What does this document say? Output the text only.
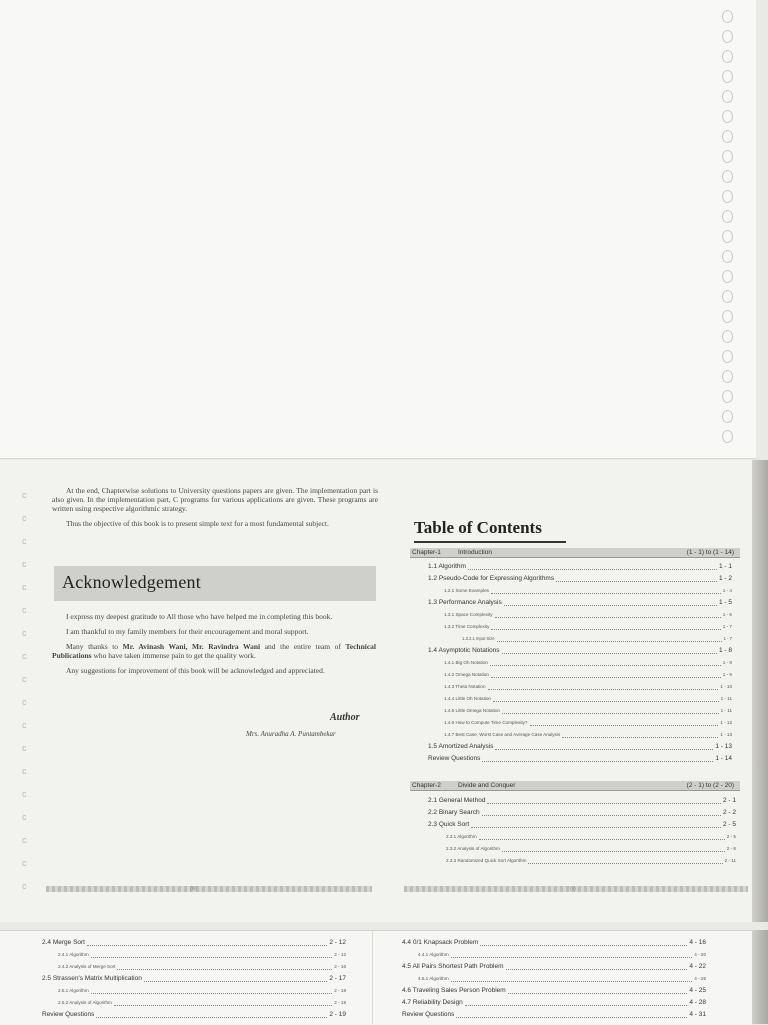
c
c
c
c
c
c
c
c
c
c
c
c
c
c
c
c
c
c

At the end, Chapterwise solutions to University questions papers are given. The implementation part is also given. In the implementation part, C programs for various applications are given. These programs are written using respective algorithmic strategy.

Thus the objective of this book is to present simple text for a most fundamental subject.

Acknowledgement

I express my deepest gratitude to All those who have helped me in completing this book.

I am thankful to my family members for their encouragement and moral support.

Many thanks to Mr. Avinash Wani, Mr. Ravindra Wani and the entire team of Technical Publications who have taken immense pain to get the quality work.

Any suggestions for improvement of this book will be acknowledged and appreciated.

Author
Mrs. Anuradha A. Puntambekar
(iii)	(v)
Table of Contents
Chapter-1	Introduction	(1 - 1) to (1 - 14)
1.1 Algorithm	1 - 1
1.2 Pseudo-Code for Expressing Algorithms	1 - 2
1.2.1 Some Examples	1 - 4
1.3 Performance Analysis	1 - 5
1.3.1 Space Complexity	1 - 6
1.3.2 Time Complexity	1 - 7
1.3.2.1 Input Size	1 - 7
1.4 Asymptotic Notations	1 - 8
1.4.1 Big Oh Notation	1 - 8
1.4.2 Omega Notation	1 - 9
1.4.3 Theta Notation	1 - 10
1.4.4 Little Oh Notation	1 - 11
1.4.5 Little Omega Notation	1 - 11
1.4.6 How to Compute Time Complexity?	1 - 12
1.4.7 Best Case, Worst Case and Average Case Analysis	1 - 13
1.5 Amortized Analysis	1 - 13
Review Questions	1 - 14
Chapter-2	Divide and Conquer	(2 - 1) to (2 - 20)
2.1 General Method	2 - 1
2.2 Binary Search	2 - 2
2.3 Quick Sort	2 - 5
2.3.1 Algorithm	2 - 5
2.3.2 Analysis of Algorithm	2 - 8
2.3.3 Randomized Quick Sort Algorithm	2 - 11
2.4 Merge Sort	2 - 12
2.4.1 Algorithm	2 - 12
2.4.2 Analysis of Merge Sort	2 - 16
2.5 Strassen's Matrix Multiplication	2 - 17
2.5.1 Algorithm	2 - 18
2.5.2 Analysis of Algorithm	2 - 19
Review Questions	2 - 19
4.4 0/1 Knapsack Problem	4 - 16
4.4.1 Algorithm	4 - 20
4.5 All Pairs Shortest Path Problem	4 - 22
4.5.1 Algorithm	4 - 25
4.6 Traveling Sales Person Problem	4 - 25
4.7 Reliability Design	4 - 28
Review Questions	4 - 31
